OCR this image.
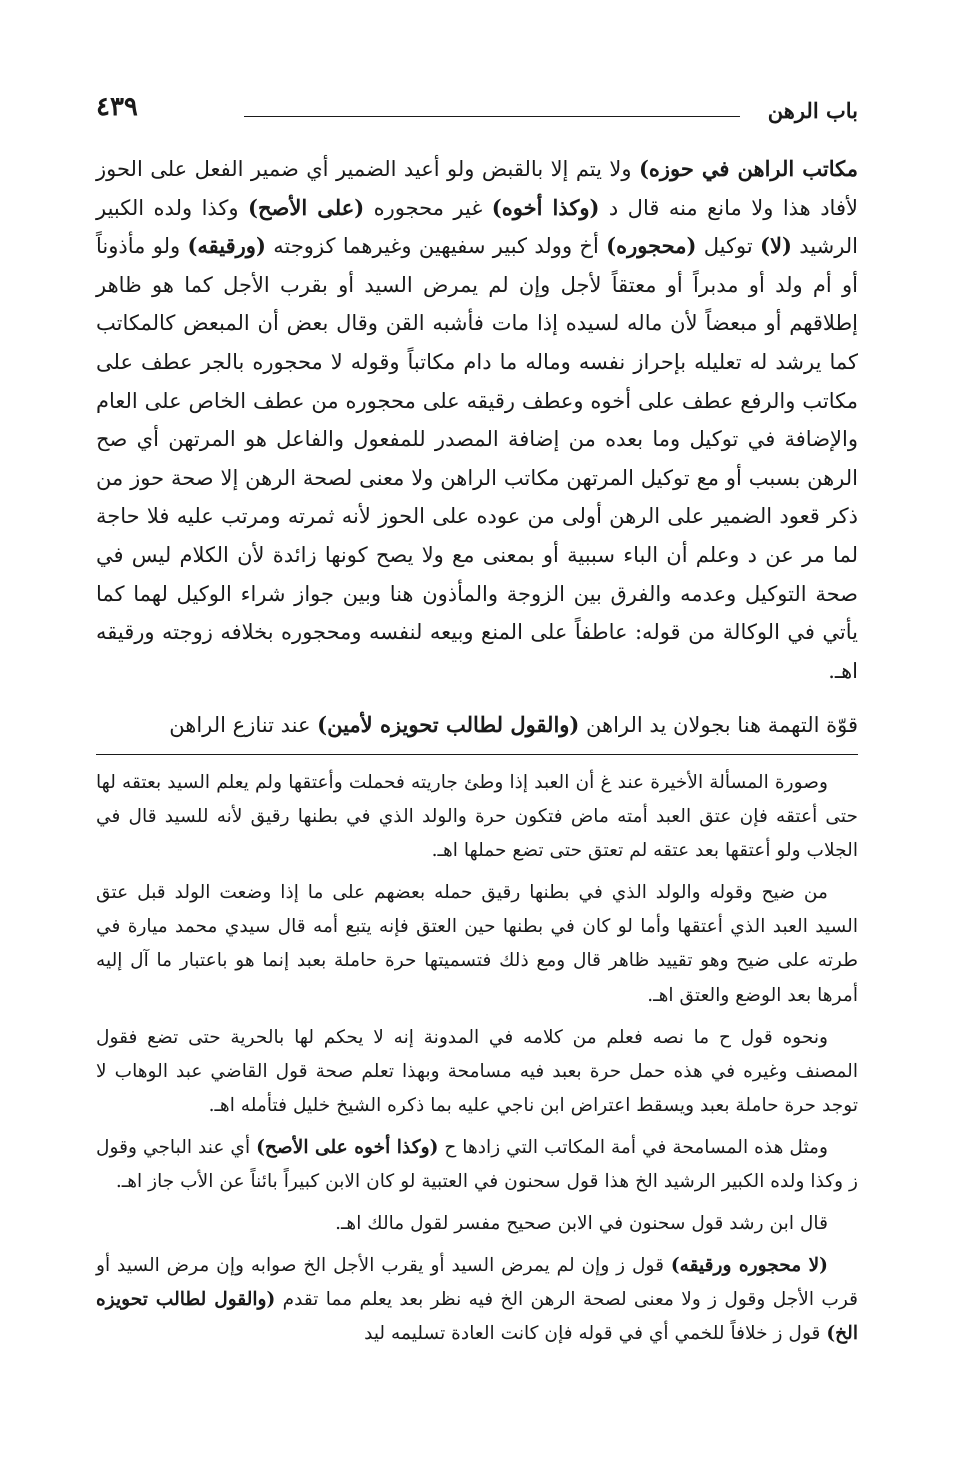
باب الرهن
٤٣٩

مكاتب الراهن في حوزه) ولا يتم إلا بالقبض ولو أعيد الضمير أي ضمير الفعل على الحوز لأفاد هذا ولا مانع منه قال د (وكذا أخوه) غير محجوره (على الأصح) وكذا ولده الكبير الرشيد (لا) توكيل (محجوره) أخ وولد كبير سفيهين وغيرهما كزوجته (ورقيقه) ولو مأذوناً أو أم ولد أو مدبراً أو معتقاً لأجل وإن لم يمرض السيد أو بقرب الأجل كما هو ظاهر إطلاقهم أو مبعضاً لأن ماله لسيده إذا مات فأشبه القن وقال بعض أن المبعض كالمكاتب كما يرشد له تعليله بإحراز نفسه وماله ما دام مكاتباً وقوله لا محجوره بالجر عطف على مكاتب والرفع عطف على أخوه وعطف رقيقه على محجوره من عطف الخاص على العام والإضافة في توكيل وما بعده من إضافة المصدر للمفعول والفاعل هو المرتهن أي صح الرهن بسبب أو مع توكيل المرتهن مكاتب الراهن ولا معنى لصحة الرهن إلا صحة حوز من ذكر قعود الضمير على الرهن أولى من عوده على الحوز لأنه ثمرته ومرتب عليه فلا حاجة لما مر عن د وعلم أن الباء سببية أو بمعنى مع ولا يصح كونها زائدة لأن الكلام ليس في صحة التوكيل وعدمه والفرق بين الزوجة والمأذون هنا وبين جواز شراء الوكيل لهما كما يأتي في الوكالة من قوله: عاطفاً على المنع وبيعه لنفسه ومحجوره بخلافه زوجته ورقيقه اهـ.

قوّة التهمة هنا بجولان يد الراهن (والقول لطالب تحويزه لأمين) عند تنازع الراهن

وصورة المسألة الأخيرة عند غ أن العبد إذا وطئ جاريته فحملت وأعتقها ولم يعلم السيد بعتقه لها حتى أعتقه فإن عتق العبد أمته ماض فتكون حرة والولد الذي في بطنها رقيق لأنه للسيد قال في الجلاب ولو أعتقها بعد عتقه لم تعتق حتى تضع حملها اهـ.

من ضيح وقوله والولد الذي في بطنها رقيق حمله بعضهم على ما إذا وضعت الولد قبل عتق السيد العبد الذي أعتقها وأما لو كان في بطنها حين العتق فإنه يتبع أمه قال سيدي محمد ميارة في طرته على ضيح وهو تقييد ظاهر قال ومع ذلك فتسميتها حرة حاملة بعبد إنما هو باعتبار ما آل إليه أمرها بعد الوضع والعتق اهـ.

ونحوه قول ح ما نصه فعلم من كلامه في المدونة إنه لا يحكم لها بالحرية حتى تضع فقول المصنف وغيره في هذه حمل حرة بعبد فيه مسامحة وبهذا تعلم صحة قول القاضي عبد الوهاب لا توجد حرة حاملة بعبد ويسقط اعتراض ابن ناجي عليه بما ذكره الشيخ خليل فتأمله اهـ.

ومثل هذه المسامحة في أمة المكاتب التي زادها ح (وكذا أخوه على الأصح) أي عند الباجي وقول ز وكذا ولده الكبير الرشيد الخ هذا قول سحنون في العتبية لو كان الابن كبيراً بائناً عن الأب جاز اهـ.

قال ابن رشد قول سحنون في الابن صحيح مفسر لقول مالك اهـ.

(لا محجوره ورقيقه) قول ز وإن لم يمرض السيد أو يقرب الأجل الخ صوابه وإن مرض السيد أو قرب الأجل وقول ز ولا معنى لصحة الرهن الخ فيه نظر بعد يعلم مما تقدم (والقول لطالب تحويزه الخ) قول ز خلافاً للخمي أي في قوله فإن كانت العادة تسليمه ليد
